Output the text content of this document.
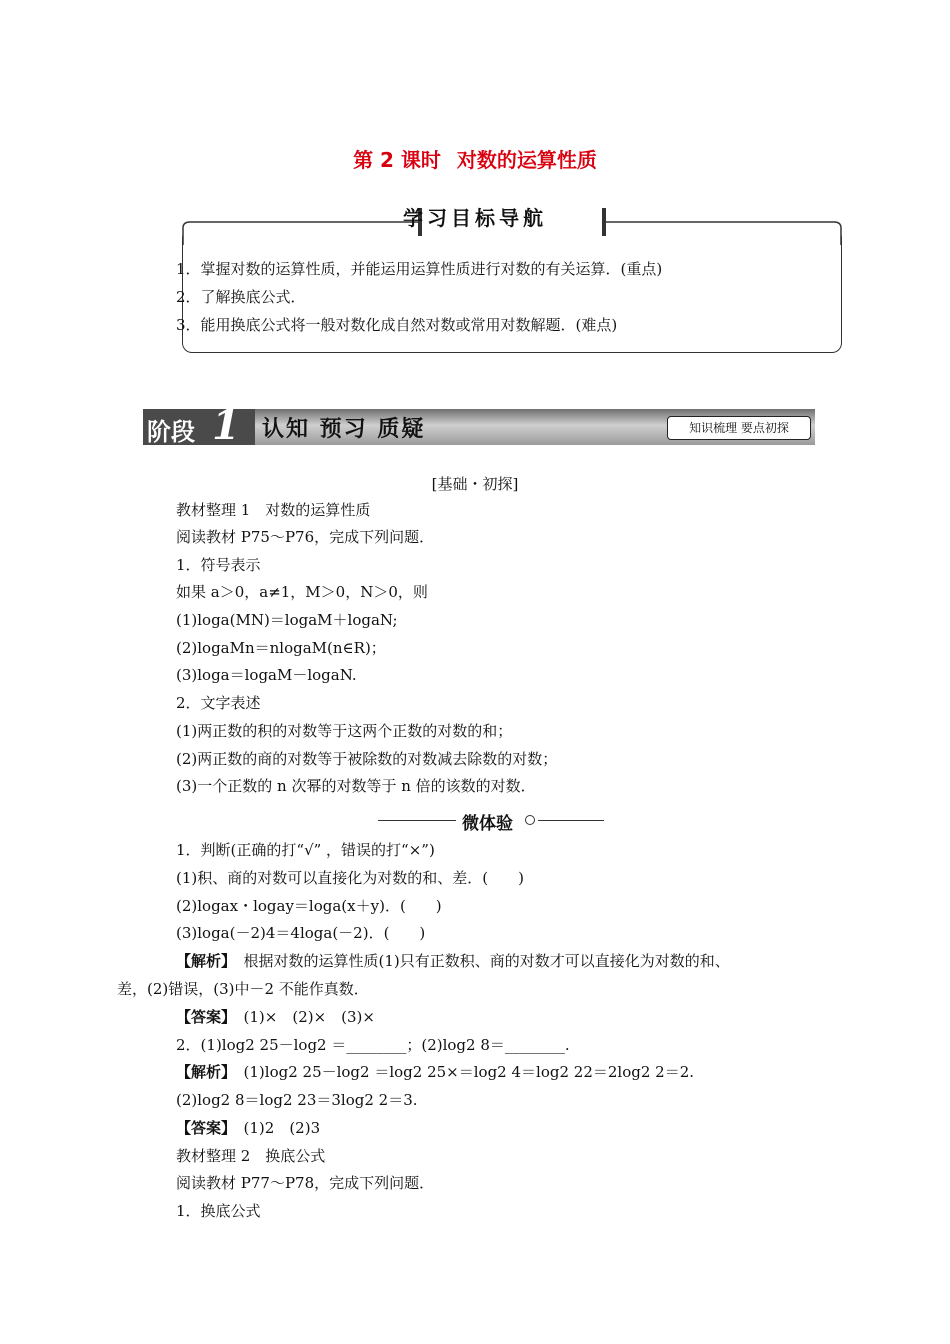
第 2 课时 对数的运算性质
学习目标导航
1．掌握对数的运算性质，并能运用运算性质进行对数的有关运算．(重点)
2．了解换底公式．
3．能用换底公式将一般对数化成自然对数或常用对数解题．(难点)
阶段 1 认知 预习 质疑	知识梳理 要点初探
[基础・初探]
教材整理 1　对数的运算性质
阅读教材 P75～P76，完成下列问题．
1．符号表示
如果 a＞0，a≠1，M＞0，N＞0，则
(1)loga(MN)＝logaM＋logaN;
(2)logaMn＝nlogaM(n∈R)；
(3)loga＝logaM－logaN.
2．文字表述
(1)两正数的积的对数等于这两个正数的对数的和；
(2)两正数的商的对数等于被除数的对数减去除数的对数；
(3)一个正数的 n 次幂的对数等于 n 倍的该数的对数．
微体验
1．判断(正确的打“√” ，错误的打“×”)
(1)积、商的对数可以直接化为对数的和、差．(　　)
(2)logax・logay＝loga(x＋y)．(　　)
(3)loga(－2)4＝4loga(－2)．(　　)
【解析】　 根据对数的运算性质(1)只有正数积、商的对数才可以直接化为对数的和、
差，(2)错误，(3)中－2 不能作真数．
【答案】　 (1)×　(2)×　(3)×
2．(1)log2 25－log2 ＝________；(2)log2 8＝________.
【解析】　 (1)log2 25－log2 ＝log2 25×＝log2 4＝log2 22＝2log2 2＝2.
(2)log2 8＝log2 23＝3log2 2＝3.
【答案】　 (1)2　(2)3
教材整理 2　换底公式
阅读教材 P77～P78，完成下列问题．
1．换底公式
